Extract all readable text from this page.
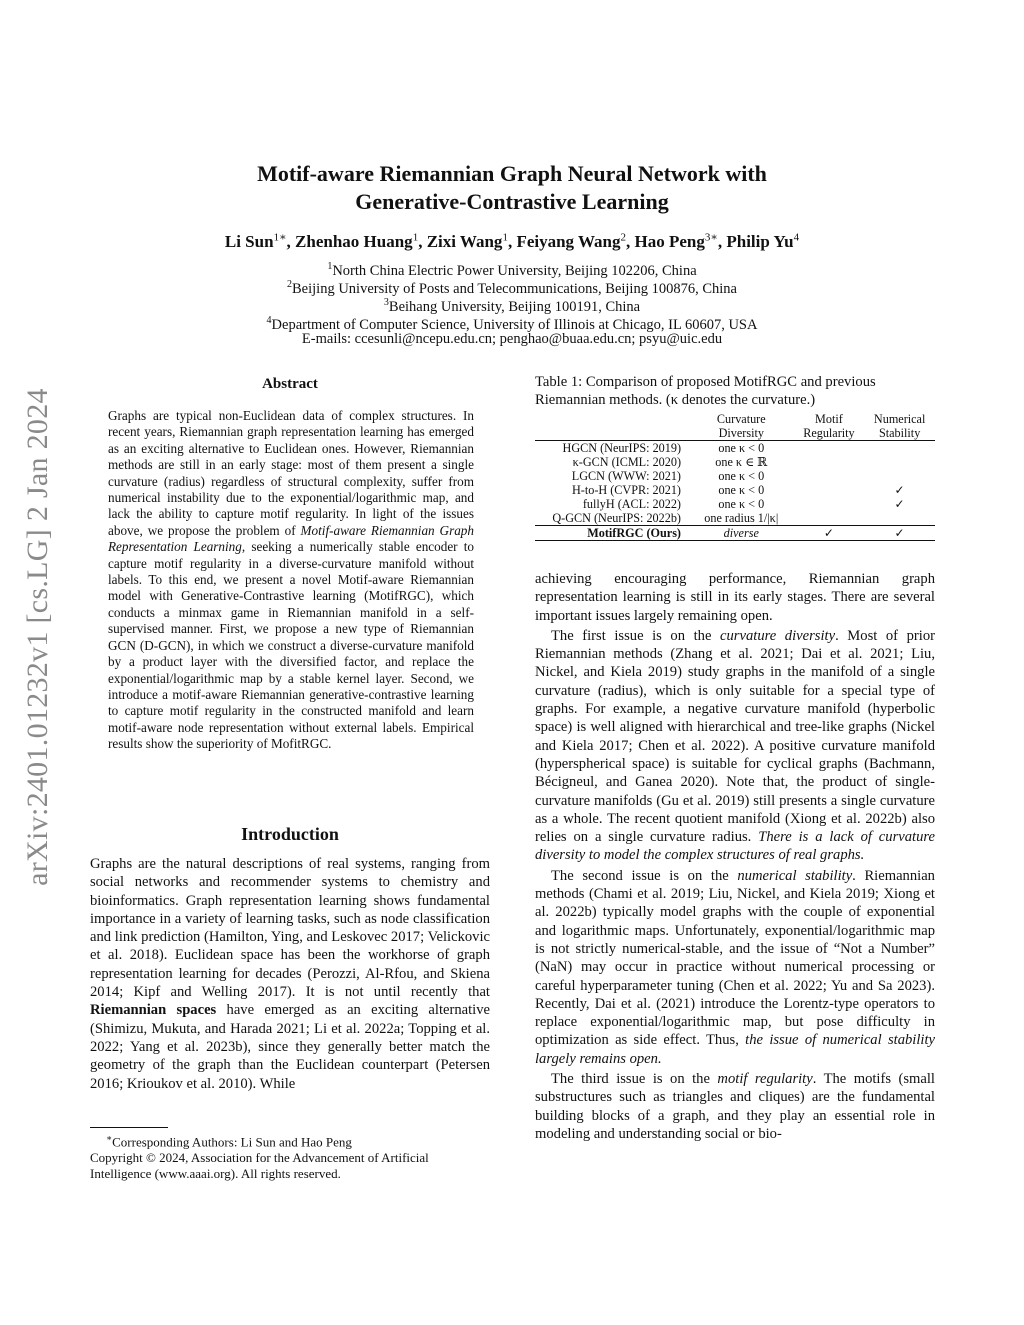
Motif-aware Riemannian Graph Neural Network with
Generative-Contrastive Learning
Li Sun$^{1∗}$, Zhenhao Huang$^1$, Zixi Wang$^1$, Feiyang Wang$^2$, Hao Peng$^{3∗}$, Philip Yu$^4$
$^1$North China Electric Power University, Beijing 102206, China
$^2$Beijing University of Posts and Telecommunications, Beijing 100876, China
$^3$Beihang University, Beijing 100191, China
$^4$Department of Computer Science, University of Illinois at Chicago, IL 60607, USA
E-mails: ccesunli@ncepu.edu.cn; penghao@buaa.edu.cn; psyu@uic.edu
arXiv:2401.01232v1 [cs.LG] 2 Jan 2024
Abstract
Graphs are typical non-Euclidean data of complex structures. In recent years, Riemannian graph representation learning has emerged as an exciting alternative to Euclidean ones. However, Riemannian methods are still in an early stage: most of them present a single curvature (radius) regardless of structural complexity, suffer from numerical instability due to the exponential/logarithmic map, and lack the ability to capture motif regularity. In light of the issues above, we propose the problem of Motif-aware Riemannian Graph Representation Learning, seeking a numerically stable encoder to capture motif regularity in a diverse-curvature manifold without labels. To this end, we present a novel Motif-aware Riemannian model with Generative-Contrastive learning (MotifRGC), which conducts a minmax game in Riemannian manifold in a self-supervised manner. First, we propose a new type of Riemannian GCN (D-GCN), in which we construct a diverse-curvature manifold by a product layer with the diversified factor, and replace the exponential/logarithmic map by a stable kernel layer. Second, we introduce a motif-aware Riemannian generative-contrastive learning to capture motif regularity in the constructed manifold and learn motif-aware node representation without external labels. Empirical results show the superiority of MofitRGC.
Introduction
Graphs are the natural descriptions of real systems, ranging from social networks and recommender systems to chemistry and bioinformatics. Graph representation learning shows fundamental importance in a variety of learning tasks, such as node classification and link prediction (Hamilton, Ying, and Leskovec 2017; Velickovic et al. 2018). Euclidean space has been the workhorse of graph representation learning for decades (Perozzi, Al-Rfou, and Skiena 2014; Kipf and Welling 2017). It is not until recently that Riemannian spaces have emerged as an exciting alternative (Shimizu, Mukuta, and Harada 2021; Li et al. 2022a; Topping et al. 2022; Yang et al. 2023b), since they generally better match the geometry of the graph than the Euclidean counterpart (Petersen 2016; Krioukov et al. 2010). While
∗Corresponding Authors: Li Sun and Hao Peng
Copyright © 2024, Association for the Advancement of Artificial Intelligence (www.aaai.org). All rights reserved.
Table 1: Comparison of proposed MotifRGC and previous Riemannian methods. (κ denotes the curvature.)
	Curvature	Motif	Numerical
	Diversity	Regularity	Stability
HGCN (NeurIPS: 2019)	one κ < 0		
κ-GCN (ICML: 2020)	one κ ∈ ℝ		
LGCN (WWW: 2021)	one κ < 0		
H-to-H (CVPR: 2021)	one κ < 0		✓
fullyH (ACL: 2022)	one κ < 0		✓
Q-GCN (NeurIPS: 2022b)	one radius 1/|κ|		
MotifRGC (Ours)	diverse	✓	✓

achieving encouraging performance, Riemannian graph representation learning is still in its early stages. There are several important issues largely remaining open.

The first issue is on the curvature diversity. Most of prior Riemannian methods (Zhang et al. 2021; Dai et al. 2021; Liu, Nickel, and Kiela 2019) study graphs in the manifold of a single curvature (radius), which is only suitable for a special type of graphs. For example, a negative curvature manifold (hyperbolic space) is well aligned with hierarchical and tree-like graphs (Nickel and Kiela 2017; Chen et al. 2022). A positive curvature manifold (hyperspherical space) is suitable for cyclical graphs (Bachmann, Bécigneul, and Ganea 2020). Note that, the product of single-curvature manifolds (Gu et al. 2019) still presents a single curvature as a whole. The recent quotient manifold (Xiong et al. 2022b) also relies on a single curvature radius. There is a lack of curvature diversity to model the complex structures of real graphs.

The second issue is on the numerical stability. Riemannian methods (Chami et al. 2019; Liu, Nickel, and Kiela 2019; Xiong et al. 2022b) typically model graphs with the couple of exponential and logarithmic maps. Unfortunately, exponential/logarithmic map is not strictly numerical-stable, and the issue of “Not a Number” (NaN) may occur in practice without numerical processing or careful hyperparameter tuning (Chen et al. 2022; Yu and Sa 2023). Recently, Dai et al. (2021) introduce the Lorentz-type operators to replace exponential/logarithmic map, but pose difficulty in optimization as side effect. Thus, the issue of numerical stability largely remains open.

The third issue is on the motif regularity. The motifs (small substructures such as triangles and cliques) are the fundamental building blocks of a graph, and they play an essential role in modeling and understanding social or bio-
